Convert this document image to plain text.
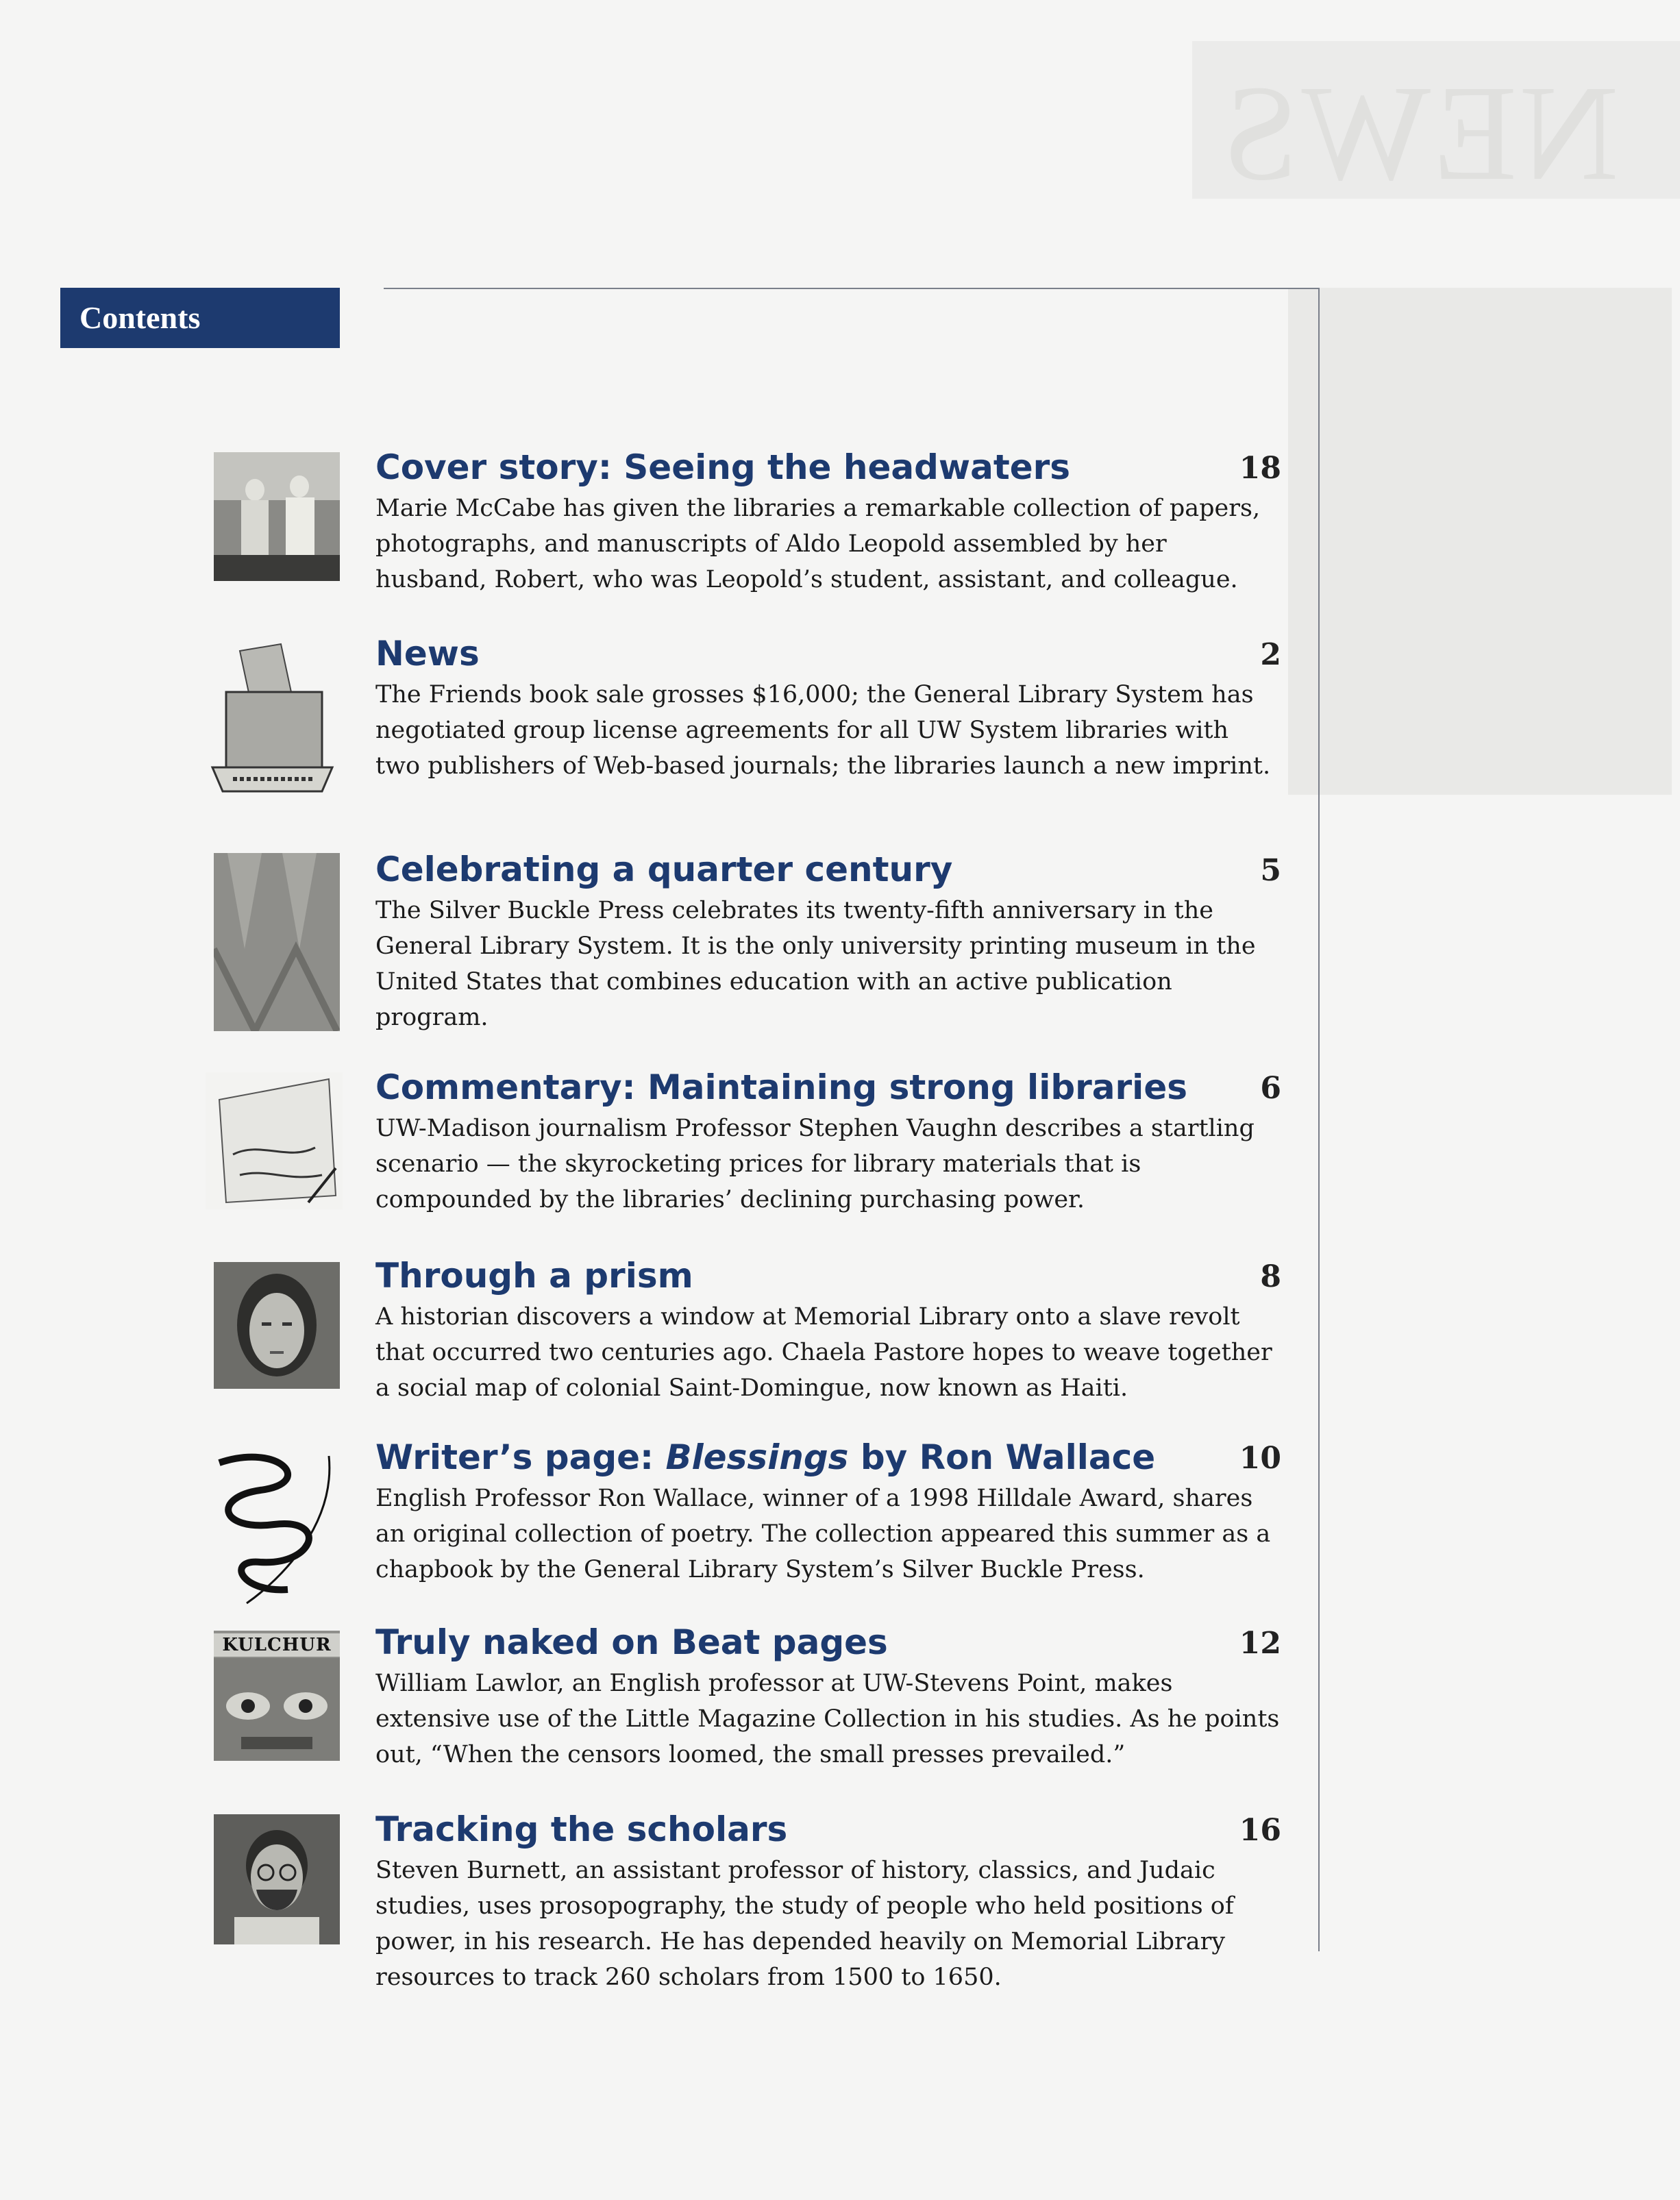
NEWS
Contents
Cover story: Seeing the headwaters	18

Marie McCabe has given the libraries a remarkable collection of papers, photographs, and manuscripts of Aldo Leopold assembled by her husband, Robert, who was Leopold’s student, assistant, and colleague.

News	2

The Friends book sale grosses $16,000; the General Library System has negotiated group license agreements for all UW System libraries with two publishers of Web-based journals; the libraries launch a new imprint.

Celebrating a quarter century	5

The Silver Buckle Press celebrates its twenty-fifth anniversary in the General Library System. It is the only university printing museum in the United States that combines education with an active publication program.

Commentary: Maintaining strong libraries	6

UW-Madison journalism Professor Stephen Vaughn describes a startling scenario — the skyrocketing prices for library materials that is compounded by the libraries’ declining purchasing power.

Through a prism	8

A historian discovers a window at Memorial Library onto a slave revolt that occurred two centuries ago. Chaela Pastore hopes to weave together a social map of colonial Saint-Domingue, now known as Haiti.

Writer’s page: Blessings by Ron Wallace	10

English Professor Ron Wallace, winner of a 1998 Hilldale Award, shares an original collection of poetry. The collection appeared this summer as a chapbook by the General Library System’s Silver Buckle Press.

KULCHUR Truly naked on Beat pages	12

William Lawlor, an English professor at UW-Stevens Point, makes extensive use of the Little Magazine Collection in his studies. As he points out, “When the censors loomed, the small presses prevailed.”

Tracking the scholars	16

Steven Burnett, an assistant professor of history, classics, and Judaic studies, uses prosopography, the study of people who held positions of power, in his research. He has depended heavily on Memorial Library resources to track 260 scholars from 1500 to 1650.
